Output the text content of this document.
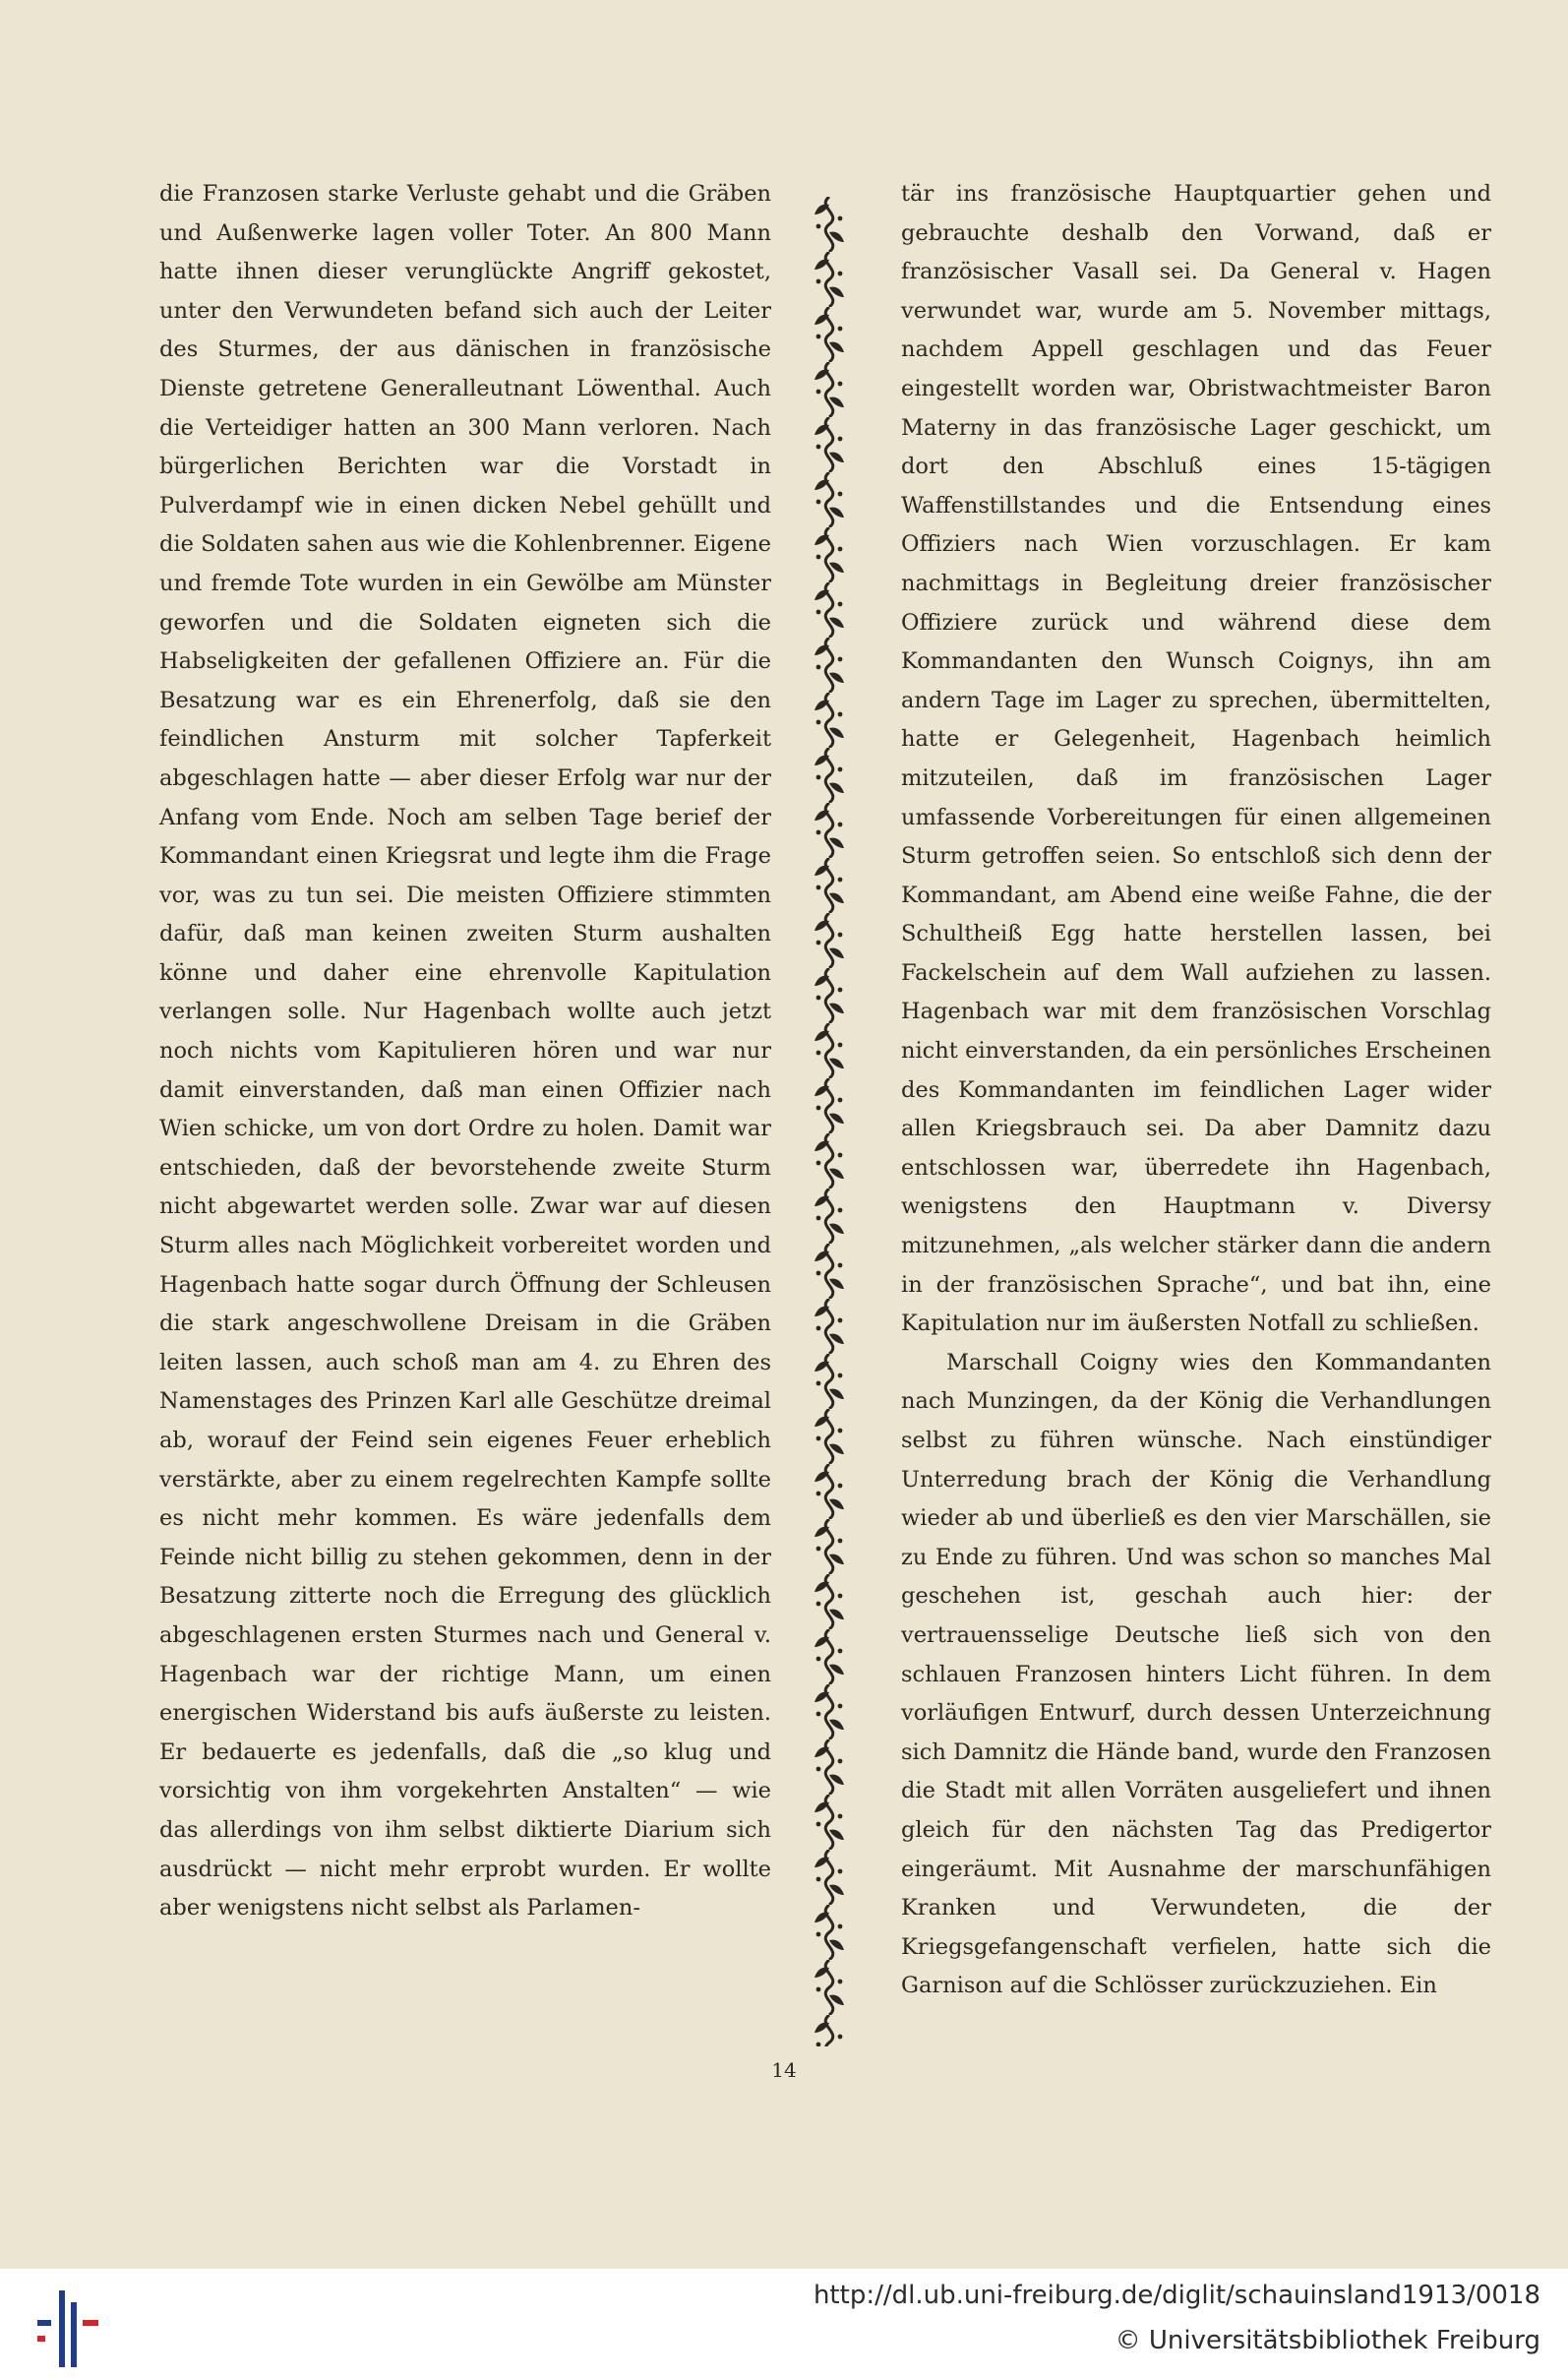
die Franzosen starke Verluste gehabt und die Gräben und Außenwerke lagen voller Toter. An 800 Mann hatte ihnen dieser verunglückte Angriff gekostet, unter den Verwundeten befand sich auch der Leiter des Sturmes, der aus dänischen in französische Dienste getretene Generalleutnant Löwenthal. Auch die Verteidiger hatten an 300 Mann verloren. Nach bürgerlichen Berichten war die Vorstadt in Pulverdampf wie in einen dicken Nebel gehüllt und die Soldaten sahen aus wie die Kohlenbrenner. Eigene und fremde Tote wurden in ein Gewölbe am Münster geworfen und die Soldaten eigneten sich die Habseligkeiten der gefallenen Offiziere an. Für die Besatzung war es ein Ehrenerfolg, daß sie den feindlichen Ansturm mit solcher Tapferkeit abgeschlagen hatte — aber dieser Erfolg war nur der Anfang vom Ende. Noch am selben Tage berief der Kommandant einen Kriegsrat und legte ihm die Frage vor, was zu tun sei. Die meisten Offiziere stimmten dafür, daß man keinen zweiten Sturm aushalten könne und daher eine ehrenvolle Kapitulation verlangen solle. Nur Hagenbach wollte auch jetzt noch nichts vom Kapitulieren hören und war nur damit einverstanden, daß man einen Offizier nach Wien schicke, um von dort Ordre zu holen. Damit war entschieden, daß der bevorstehende zweite Sturm nicht abgewartet werden solle. Zwar war auf diesen Sturm alles nach Möglichkeit vorbereitet worden und Hagenbach hatte sogar durch Öffnung der Schleusen die stark angeschwollene Dreisam in die Gräben leiten lassen, auch schoß man am 4. zu Ehren des Namenstages des Prinzen Karl alle Geschütze dreimal ab, worauf der Feind sein eigenes Feuer erheblich verstärkte, aber zu einem regelrechten Kampfe sollte es nicht mehr kommen. Es wäre jedenfalls dem Feinde nicht billig zu stehen gekommen, denn in der Besatzung zitterte noch die Erregung des glücklich abgeschlagenen ersten Sturmes nach und General v. Hagenbach war der richtige Mann, um einen energischen Widerstand bis aufs äußerste zu leisten. Er bedauerte es jedenfalls, daß die „so klug und vorsichtig von ihm vorgekehrten Anstalten“ — wie das allerdings von ihm selbst diktierte Diarium sich ausdrückt — nicht mehr erprobt wurden. Er wollte aber wenigstens nicht selbst als Parlamen-

tär ins französische Hauptquartier gehen und gebrauchte deshalb den Vorwand, daß er französischer Vasall sei. Da General v. Hagen verwundet war, wurde am 5. November mittags, nachdem Appell geschlagen und das Feuer eingestellt worden war, Obristwachtmeister Baron Materny in das französische Lager geschickt, um dort den Abschluß eines 15-tägigen Waffenstillstandes und die Entsendung eines Offiziers nach Wien vorzuschlagen. Er kam nachmittags in Begleitung dreier französischer Offiziere zurück und während diese dem Kommandanten den Wunsch Coignys, ihn am andern Tage im Lager zu sprechen, übermittelten, hatte er Gelegenheit, Hagenbach heimlich mitzuteilen, daß im französischen Lager umfassende Vorbereitungen für einen allgemeinen Sturm getroffen seien. So entschloß sich denn der Kommandant, am Abend eine weiße Fahne, die der Schultheiß Egg hatte herstellen lassen, bei Fackelschein auf dem Wall aufziehen zu lassen. Hagenbach war mit dem französischen Vorschlag nicht einverstanden, da ein persönliches Erscheinen des Kommandanten im feindlichen Lager wider allen Kriegsbrauch sei. Da aber Damnitz dazu entschlossen war, überredete ihn Hagenbach, wenigstens den Hauptmann v. Diversy mitzunehmen, „als welcher stärker dann die andern in der französischen Sprache“, und bat ihn, eine Kapitulation nur im äußersten Notfall zu schließen.

Marschall Coigny wies den Kommandanten nach Munzingen, da der König die Verhandlungen selbst zu führen wünsche. Nach einstündiger Unterredung brach der König die Verhandlung wieder ab und überließ es den vier Marschällen, sie zu Ende zu führen. Und was schon so manches Mal geschehen ist, geschah auch hier: der vertrauensselige Deutsche ließ sich von den schlauen Franzosen hinters Licht führen. In dem vorläufigen Entwurf, durch dessen Unterzeichnung sich Damnitz die Hände band, wurde den Franzosen die Stadt mit allen Vorräten ausgeliefert und ihnen gleich für den nächsten Tag das Predigertor eingeräumt. Mit Ausnahme der marschunfähigen Kranken und Verwundeten, die der Kriegsgefangenschaft verfielen, hatte sich die Garnison auf die Schlösser zurückzuziehen. Ein

14
http://dl.ub.uni-freiburg.de/diglit/schauinsland1913/0018
© Universitätsbibliothek Freiburg
